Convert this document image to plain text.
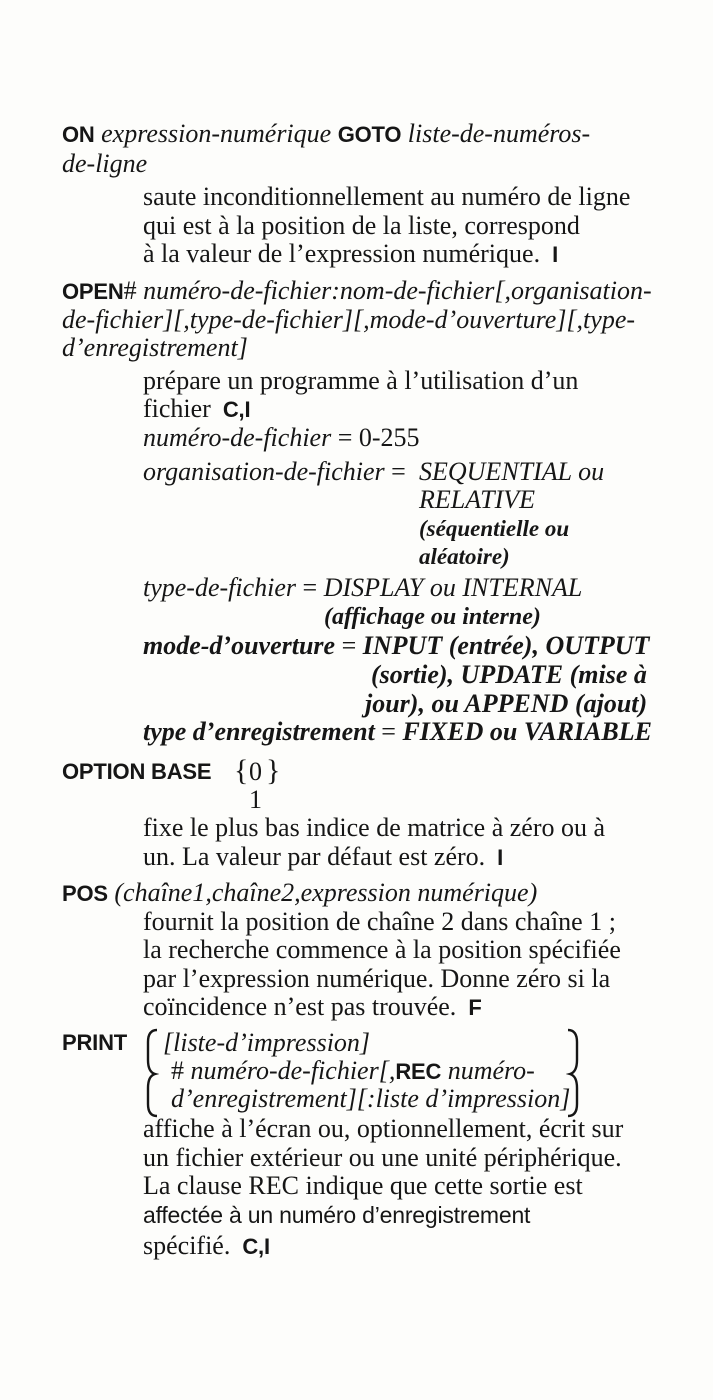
ON expression-numérique GOTO liste-de-numéros-
de-ligne
saute inconditionnellement au numéro de ligne
qui est à la position de la liste, correspond
à la valeur de l’expression numérique. I
OPEN# numéro-de-fichier:nom-de-fichier[,organisation-
de-fichier][,type-de-fichier][,mode-d’ouverture][,type-
d’enregistrement]
prépare un programme à l’utilisation d’un
fichier C,I
numéro-de-fichier = 0-255
organisation-de-fichier = SEQUENTIAL ou
RELATIVE
(séquentielle ou
aléatoire)
type-de-fichier = DISPLAY ou INTERNAL
(affichage ou interne)
mode-d’ouverture = INPUT (entrée), OUTPUT
(sortie), UPDATE (mise à
jour), ou APPEND (ajout)
type d’enregistrement = FIXED ou VARIABLE
OPTION BASE { 0
1
}
fixe le plus bas indice de matrice à zéro ou à
un. La valeur par défaut est zéro. I
POS (chaîne1,chaîne2,expression numérique)
fournit la position de chaîne 2 dans chaîne 1 ;
la recherche commence à la position spécifiée
par l’expression numérique. Donne zéro si la
coïncidence n’est pas trouvée. F
PRINT [liste-d’impression]
# numéro-de-fichier[,REC numéro-
d’enregistrement][:liste d’impression]
affiche à l’écran ou, optionnellement, écrit sur
un fichier extérieur ou une unité périphérique.
La clause REC indique que cette sortie est
affectée à un numéro d’enregistrement
spécifié. C,I
